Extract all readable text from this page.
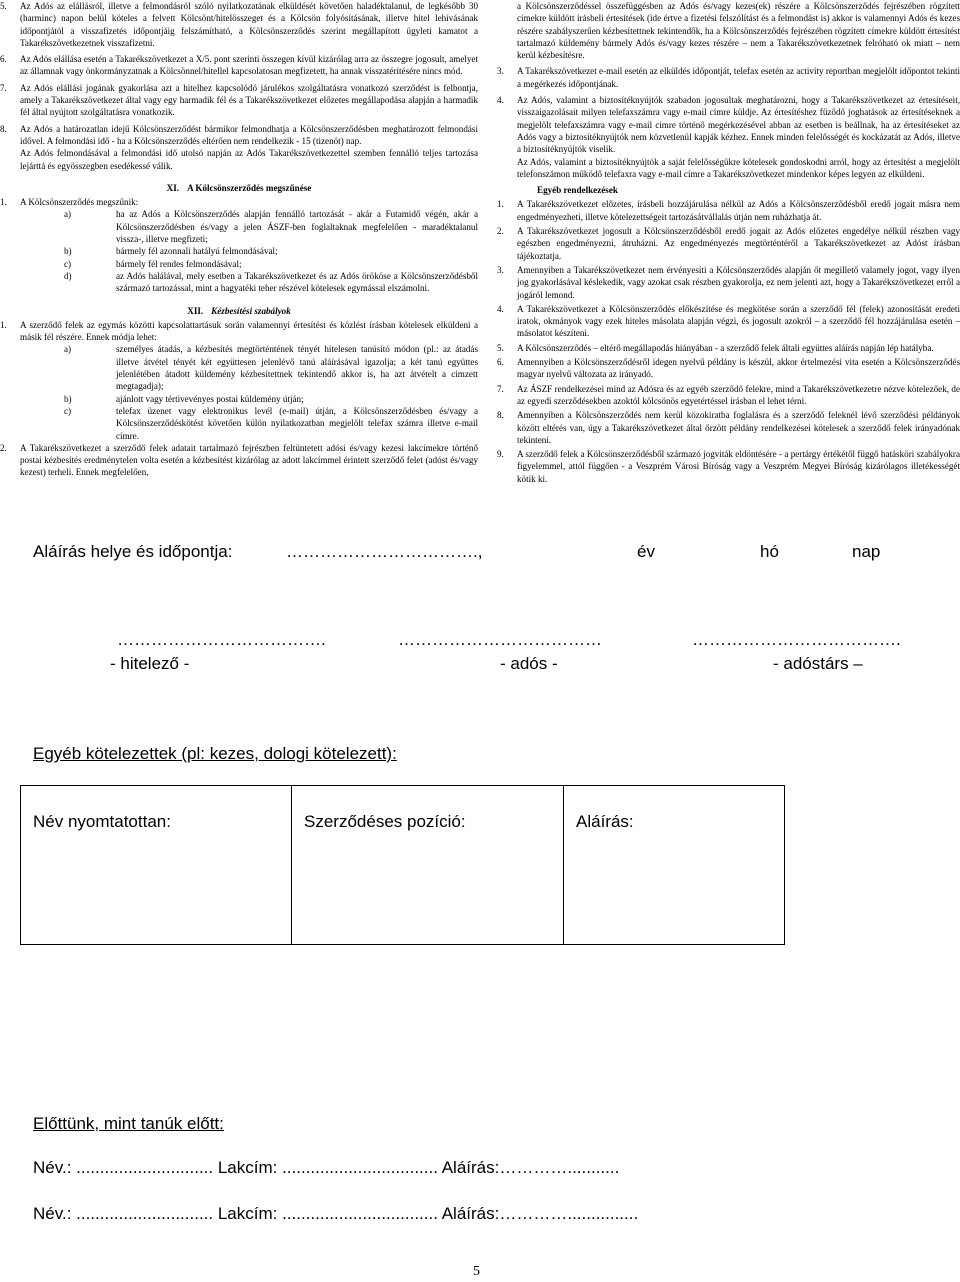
5.	Az Adós az elállásról, illetve a felmondásról szóló nyilatkozatának elküldését követően haladéktalanul, de legkésőbb 30 (harminc) napon belül köteles a felvett Kölcsönt/hitelösszeget és a Kölcsön folyósításának, illetve hitel lehívásának időpontjától a visszafizetés időpontjáig felszámítható, a Kölcsönszerződés szerint megállapított ügyleti kamatot a Takarékszövetkezetnek visszafizetni.
6.	Az Adós elállása esetén a Takarékszövetkezet a X/5. pont szerinti összegen kívül kizárólag arra az összegre jogosult, amelyet az államnak vagy önkormányzatnak a Kölcsönnel/hitellel kapcsolatosan megfizetett, ha annak visszatérítésére nincs mód.
7.	Az Adós elállási jogának gyakorlása azt a hitelhez kapcsolódó járulékos szolgáltatásra vonatkozó szerződést is felbontja, amely a Takarékszövetkezet által vagy egy harmadik fél és a Takarékszövetkezet előzetes megállapodása alapján a harmadik fél által nyújtott szolgáltatásra vonatkozik.
8.	Az Adós a határozatlan idejű Kölcsönszerződést bármikor felmondhatja a Kölcsönszerződésben meghatározott felmondási idővel. A felmondási idő - ha a Kölcsönszerződés eltérően nem rendelkezik - 15 (tizenöt) nap.
Az Adós felmondásával a felmondási idő utolsó napján az Adós Takarékszövetkezettel szemben fennálló teljes tartozása lejárttá és egyösszegben esedékessé válik.
XI. A Kölcsönszerződés megszűnése
1.	A Kölcsönszerződés megszűnik:
a)	ha az Adós a Kölcsönszerződés alapján fennálló tartozását - akár a Futamidő végén, akár a Kölcsönszerződésben és/vagy a jelen ÁSZF-ben foglaltaknak megfelelően - maradéktalanul vissza-, illetve megfizeti;
b)	bármely fél azonnali hatályú felmondásával;
c)	bármely fél rendes felmondásával;
d)	az Adós halálával, mely esetben a Takarékszövetkezet és az Adós örököse a Kölcsönszerződésből származó tartozással, mint a hagyatéki teher részével kötelesek egymással elszámolni.
XII. Kézbesítési szabályok
1.	A szerződő felek az egymás közötti kapcsolattartásuk során valamennyi értesítést és közlést írásban kötelesek elküldeni a másik fél részére. Ennek módja lehet:
a)	személyes átadás, a kézbesítés megtörténtének tényét hitelesen tanúsító módon (pl.: az átadás illetve átvétel tényét két együttesen jelenlévő tanú aláírásával igazolja; a két tanú együttes jelenlétében átadott küldemény kézbesítettnek tekintendő akkor is, ha azt átvételt a címzett megtagadja);
b)	ajánlott vagy tértivevényes postai küldemény útján;
c)	telefax üzenet vagy elektronikus levél (e-mail) útján, a Kölcsönszerződésben és/vagy a Kölcsönszerződéskötést követően külön nyilatkozatban megjelölt telefax számra illetve e-mail címre.
2.	A Takarékszövetkezet a szerződő felek adatait tartalmazó fejrészben feltüntetett adósi és/vagy kezesi lakcímekre történő postai kézbesítés eredménytelen volta esetén a kézbesítést kizárólag az adott lakcímmel érintett szerződő felet (adóst és/vagy kezest) terheli. Ennek megfelelően,
a Kölcsönszerződéssel összefüggésben az Adós és/vagy kezes(ek) részére a Kölcsönszerződés fejrészében rögzített címekre küldött írásbeli értesítések (ide értve a fizetési felszólítást és a felmondást is) akkor is valamennyi Adós és kezes részére szabályszerűen kézbesítettnek tekintendők, ha a Kölcsönszerződés fejrészében rögzített címekre küldött értesítést tartalmazó küldemény bármely Adós és/vagy kezes részére – nem a Takarékszövetkezetnek felróható ok miatt – nem kerül kézbesítésre.
3.	A Takarékszövetkezet e-mail esetén az elküldés időpontját, telefax esetén az activity reportban megjelölt időpontot tekinti a megérkezés időpontjának.
4.	Az Adós, valamint a biztosítéknyújtók szabadon jogosultak meghatározni, hogy a Takarékszövetkezet az értesítéseit, visszaigazolásait milyen telefaxszámra vagy e-mail címre küldje. Az értesítéshez fűződő joghatások az értesítéseknek a megjelölt telefaxszámra vagy e-mail címre történő megérkezésével abban az esetben is beállnak, ha az értesítéseket az Adós vagy a biztosítéknyújtók nem közvetlenül kapják kézhez. Ennek minden felelősségét és kockázatát az Adós, illetve a biztosítéknyújtók viselik.
Az Adós, valamint a biztosítéknyújtók a saját felelősségükre kötelesek gondoskodni arról, hogy az értesítést a megjelölt telefonszámon működő telefaxra vagy e-mail címre a Takarékszövetkezet mindenkor képes legyen az elküldeni.
Egyéb rendelkezések
1.	A Takarékszövetkezet előzetes, írásbeli hozzájárulása nélkül az Adós a Kölcsönszerződésből eredő jogait másra nem engedményezheti, illetve kötelezettségeit tartozásátvállalás útján nem ruházhatja át.
2.	A Takarékszövetkezet jogosult a Kölcsönszerződésből eredő jogait az Adós előzetes engedélye nélkül részben vagy egészben engedményezni, átruházni. Az engedményezés megtörténtéről a Takarékszövetkezet az Adóst írásban tájékoztatja.
3.	Amennyiben a Takarékszövetkezet nem érvényesíti a Kölcsönszerződés alapján őt megillető valamely jogot, vagy ilyen jog gyakorlásával késlekedik, vagy azokat csak részben gyakorolja, ez nem jelenti azt, hogy a Takarékszövetkezet erről a jogáról lemond.
4.	A Takarékszövetkezet a Kölcsönszerződés előkészítése és megkötése során a szerződő fél (felek) azonosítását eredeti iratok, okmányok vagy ezek hiteles másolata alapján végzi, és jogosult azokról – a szerződő fél hozzájárulása esetén – másolatot készíteni.
5.	A Kölcsönszerződés – eltérő megállapodás hiányában - a szerződő felek általi együttes aláírás napján lép hatályba.
6.	Amennyiben a Kölcsönszerződésről idegen nyelvű példány is készül, akkor értelmezési vita esetén a Kölcsönszerződés magyar nyelvű változata az irányadó.
7.	Az ÁSZF rendelkezései mind az Adósra és az egyéb szerződő felekre, mind a Takarékszövetkezetre nézve kötelezőek, de az egyedi szerződésekben azoktól kölcsönös egyetértéssel írásban el lehet térni.
8.	Amennyiben a Kölcsönszerződés nem kerül közokiratba foglalásra és a szerződő feleknél lévő szerződési példányok között eltérés van, úgy a Takarékszövetkezet által őrzött példány rendelkezései kötelesek a szerződő felek irányadónak tekinteni.
9.	A szerződő felek a Kölcsönszerződésből származó jogviták eldöntésére - a pertárgy értékétől függő hatásköri szabályokra figyelemmel, attól függően - a Veszprém Városi Bíróság vagy a Veszprém Megyei Bíróság kizárólagos illetékességét kötik ki.
Aláírás helye és időpontja:	…………………………….,	év	hó	nap
……………………………….	………………………………	……………………………….
- hitelező -	- adós -	- adóstárs –
Egyéb kötelezettek (pl: kezes, dologi kötelezett):
Név nyomtatottan:	Szerződéses pozíció:	Aláírás:
Előttünk, mint tanúk előtt:
Név.: ............................. Lakcím: ................................. Aláírás:…………...........
Név.: ............................. Lakcím: ................................. Aláírás:…………...............
5
